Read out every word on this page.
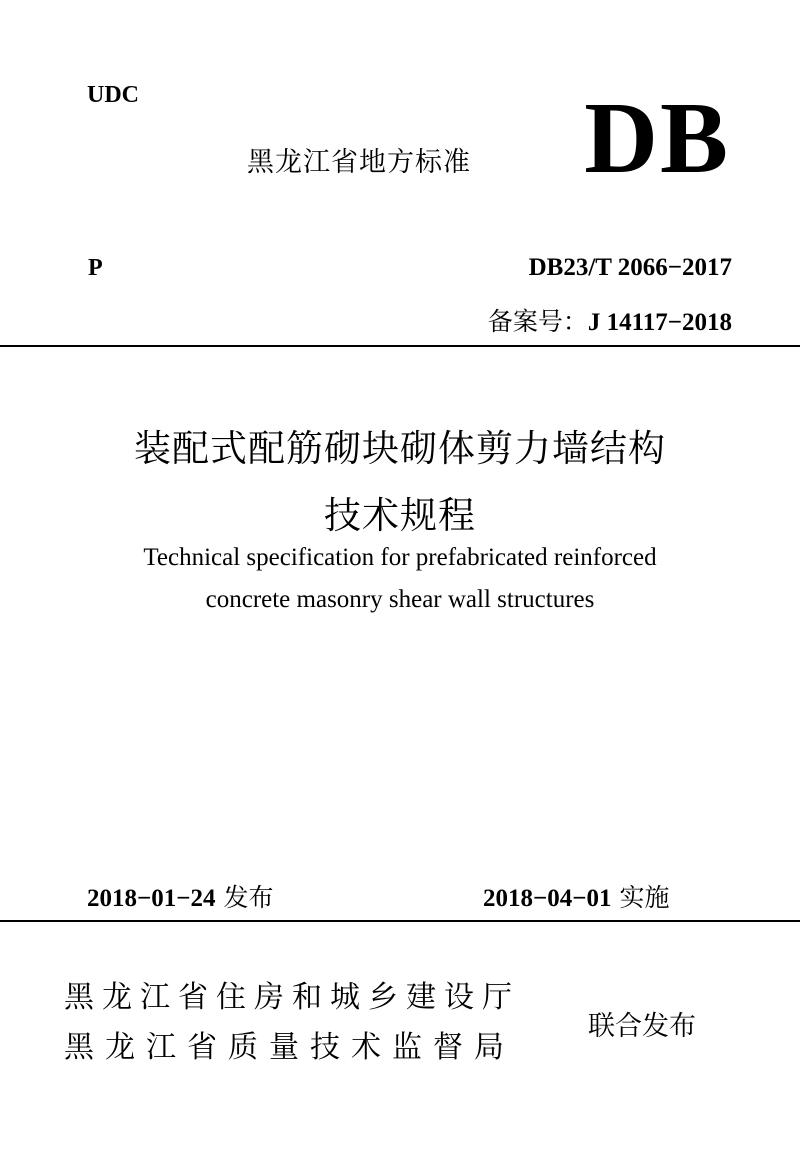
UDC
黑龙江省地方标准 DB
P	DB23/T 2066−2017
备案号：J 14117−2018
装配式配筋砌块砌体剪力墙结构
技术规程
Technical specification for prefabricated reinforced
concrete masonry shear wall structures
2018−01−24 发布	2018−04−01 实施
黑龙江省住房和城乡建设厅
黑龙江省质量技术监督局
联合发布
